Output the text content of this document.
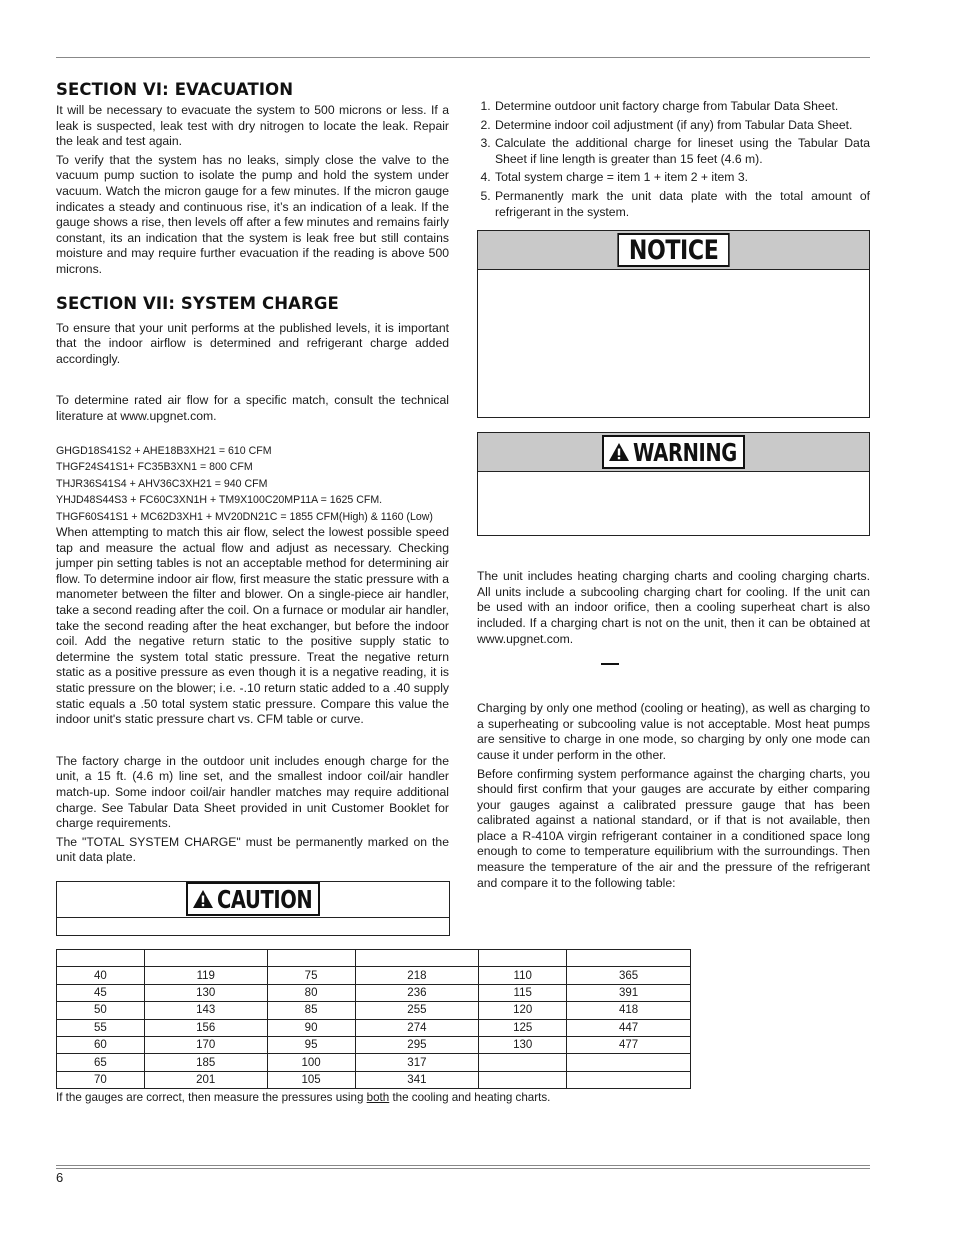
SECTION VI: EVACUATION

It will be necessary to evacuate the system to 500 microns or less. If a leak is suspected, leak test with dry nitrogen to locate the leak. Repair the leak and test again.

To verify that the system has no leaks, simply close the valve to the vacuum pump suction to isolate the pump and hold the system under vacuum. Watch the micron gauge for a few minutes. If the micron gauge indicates a steady and continuous rise, it’s an indication of a leak. If the gauge shows a rise, then levels off after a few minutes and remains fairly constant, its an indication that the system is leak free but still contains moisture and may require further evacuation if the reading is above 500 microns.

SECTION VII: SYSTEM CHARGE

To ensure that your unit performs at the published levels, it is important that the indoor airflow is determined and refrigerant charge added accordingly.

To determine rated air flow for a specific match, consult the technical literature at www.upgnet.com.

GHGD18S41S2 + AHE18B3XH21 = 610 CFM

THGF24S41S1+ FC35B3XN1 = 800 CFM

THJR36S41S4 + AHV36C3XH21 = 940 CFM

YHJD48S44S3 + FC60C3XN1H + TM9X100C20MP11A = 1625 CFM.

THGF60S41S1 + MC62D3XH1 + MV20DN21C = 1855 CFM(High) & 1160 (Low)

When attempting to match this air flow, select the lowest possible speed tap and measure the actual flow and adjust as necessary. Checking jumper pin setting tables is not an acceptable method for determining air flow. To determine indoor air flow, first measure the static pressure with a manometer between the filter and blower. On a single-piece air handler, take a second reading after the coil. On a furnace or modular air handler, take the second reading after the heat exchanger, but before the indoor coil. Add the negative return static to the positive supply static to determine the system total static pressure. Treat the negative return static as a positive pressure as even though it is a negative reading, it is static pressure on the blower; i.e. -.10 return static added to a .40 supply static equals a .50 total system static pressure. Compare this value the indoor unit's static pressure chart vs. CFM table or curve.

The factory charge in the outdoor unit includes enough charge for the unit, a 15 ft. (4.6 m) line set, and the smallest indoor coil/air handler match-up. Some indoor coil/air handler matches may require additional charge. See Tabular Data Sheet provided in unit Customer Booklet for charge requirements.

The "TOTAL SYSTEM CHARGE" must be permanently marked on the unit data plate.

CAUTION
1. Determine outdoor unit factory charge from Tabular Data Sheet.
2. Determine indoor coil adjustment (if any) from Tabular Data Sheet.
3. Calculate the additional charge for lineset using the Tabular Data Sheet if line length is greater than 15 feet (4.6 m).
4. Total system charge = item 1 + item 2 + item 3.
5. Permanently mark the unit data plate with the total amount of refrigerant in the system.
NOTICE
WARNING

The unit includes heating charging charts and cooling charging charts. All units include a subcooling charging chart for cooling. If the unit can be used with an indoor orifice, then a cooling superheat chart is also included. If a charging chart is not on the unit, then it can be obtained at www.upgnet.com.

Charging by only one method (cooling or heating), as well as charging to a superheating or subcooling value is not acceptable. Most heat pumps are sensitive to charge in one mode, so charging by only one mode can cause it under perform in the other.

Before confirming system performance against the charging charts, you should first confirm that your gauges are accurate by either comparing your gauges against a calibrated pressure gauge that has been calibrated against a national standard, or if that is not available, then place a R-410A virgin refrigerant container in a conditioned space long enough to come to temperature equilibrium with the surroundings. Then measure the temperature of the air and the pressure of the refrigerant and compare it to the following table:

40	119	75	218	110	365
45	130	80	236	115	391
50	143	85	255	120	418
55	156	90	274	125	447
60	170	95	295	130	477
65	185	100	317		
70	201	105	341		
If the gauges are correct, then measure the pressures using both the cooling and heating charts.
6
